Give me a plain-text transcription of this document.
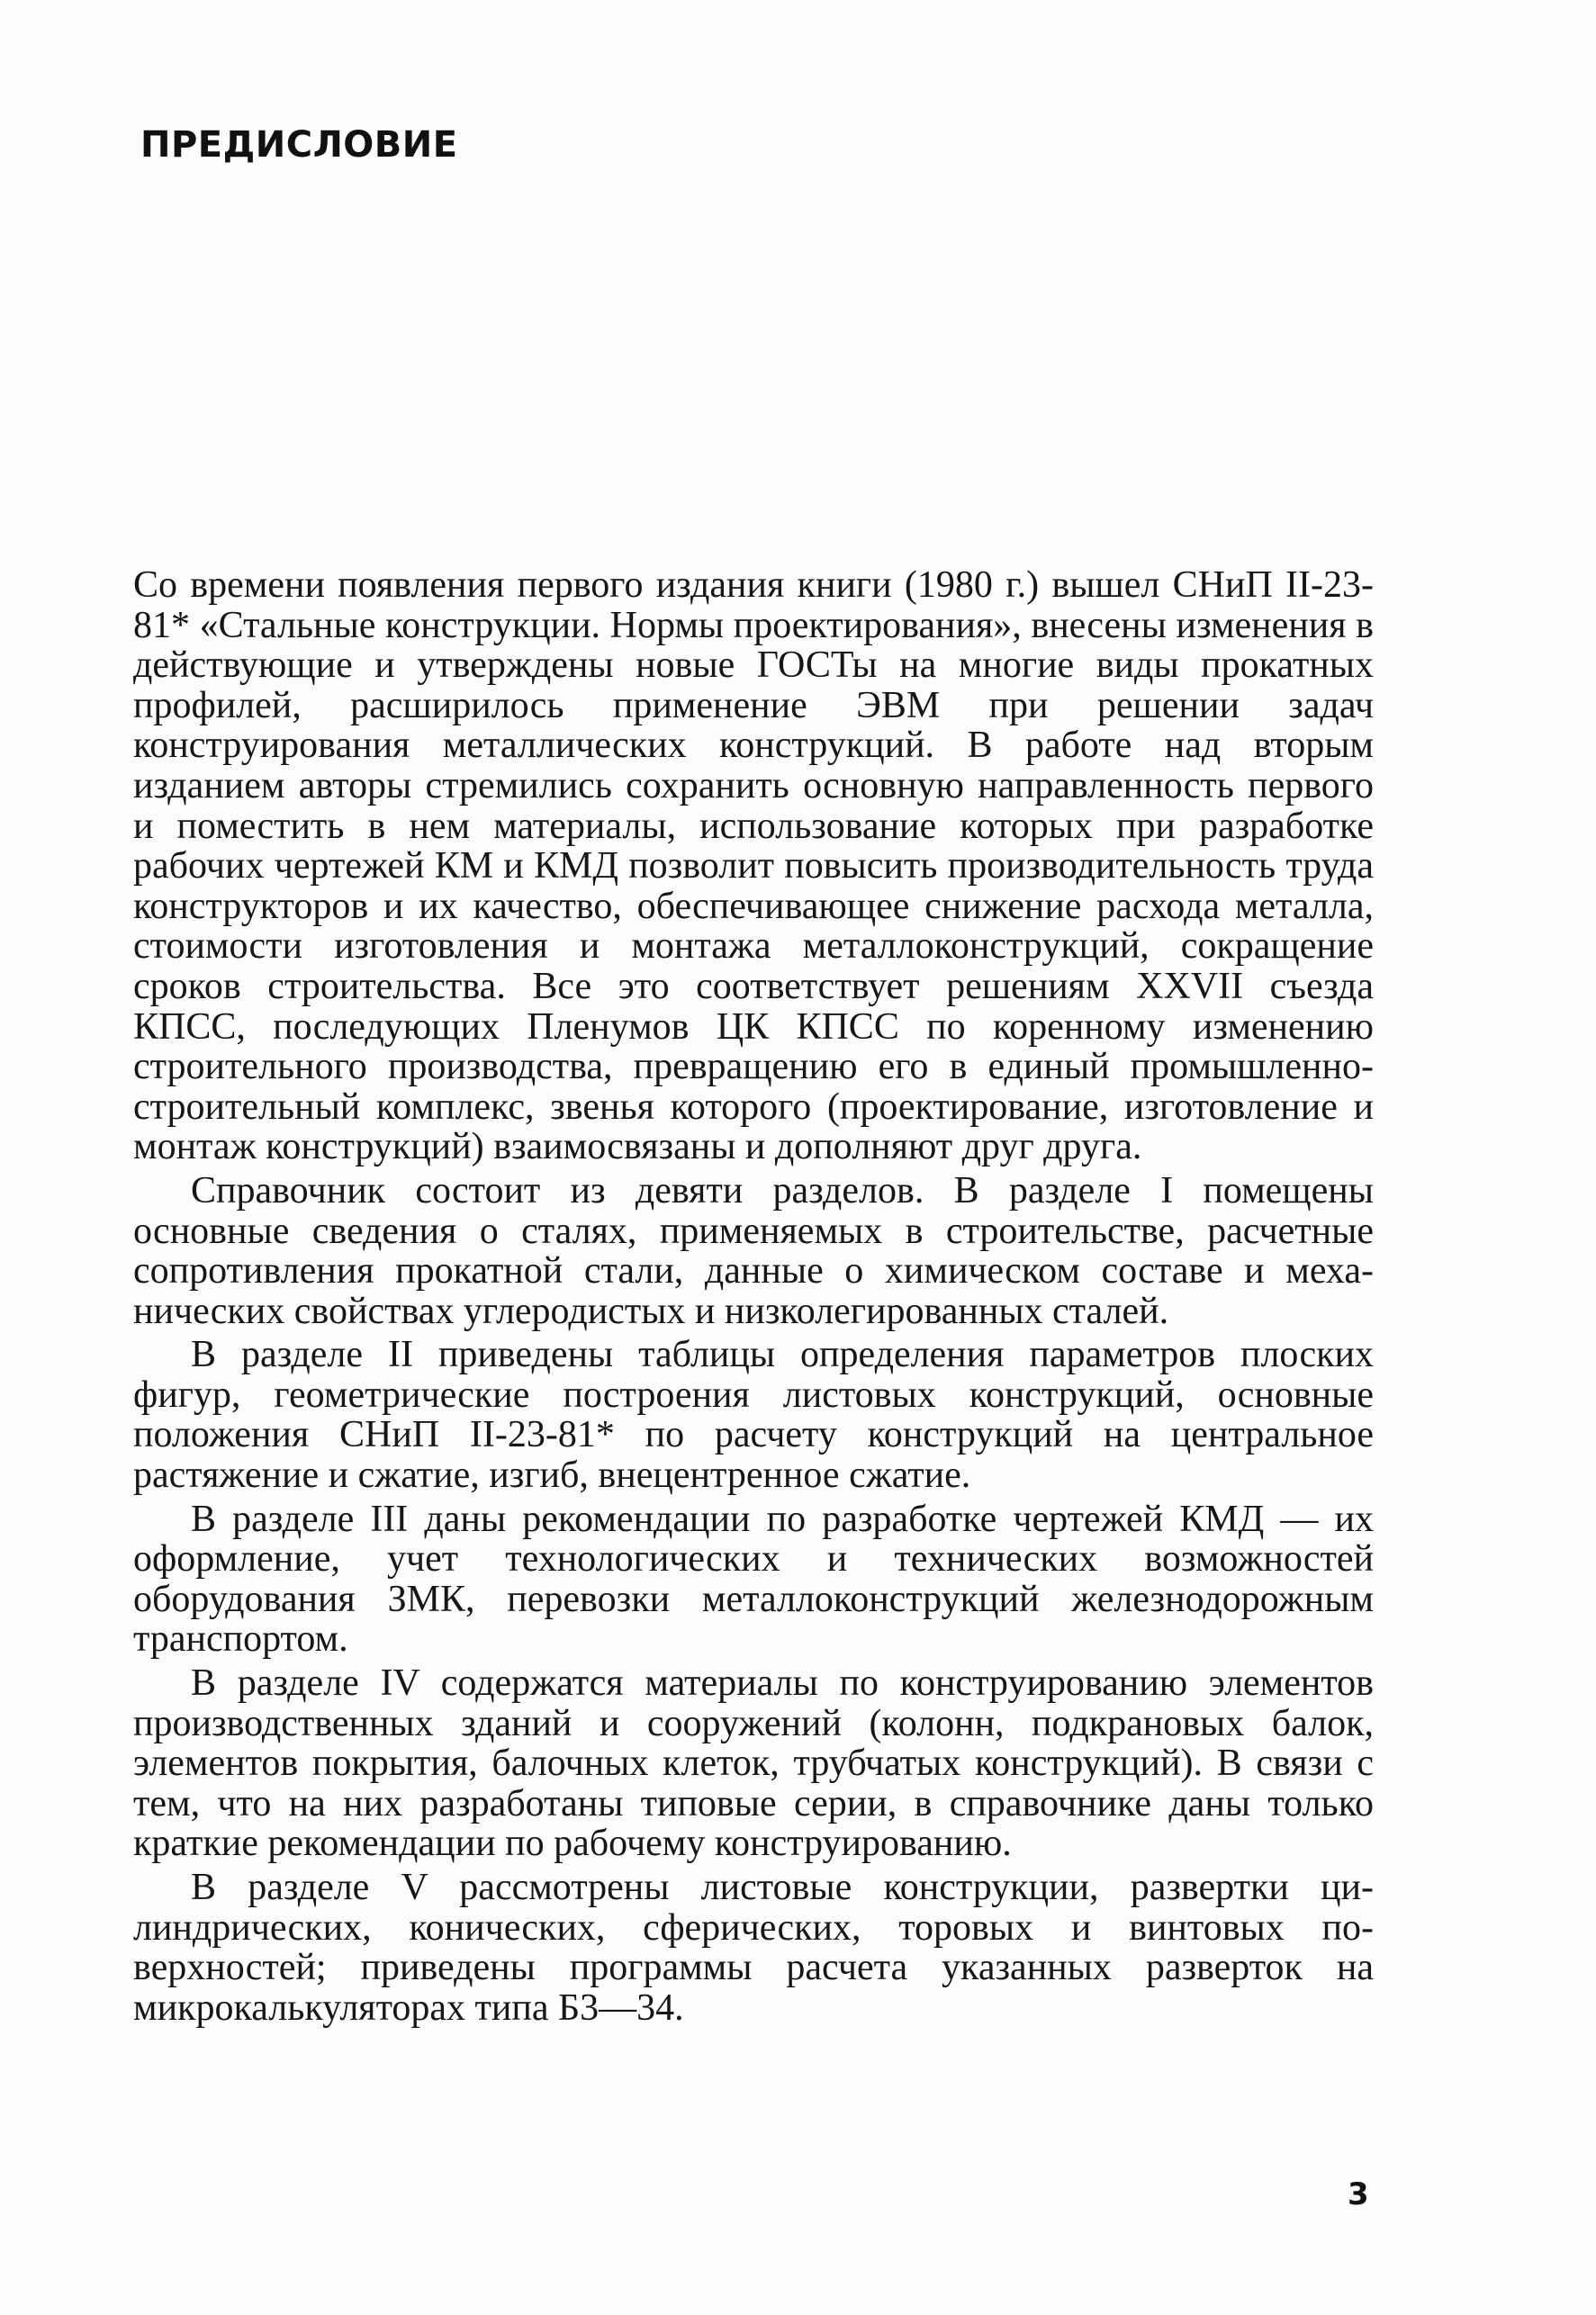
ПРЕДИСЛОВИЕ

Со времени появления первого издания книги (1980 г.) вышел СНиП II-23-81* «Стальные конструкции. Нормы проектирования», внесены изменения в действующие и утверждены новые ГОСТы на многие виды прокатных профилей, расширилось применение ЭВМ при решении задач конструирования металлических конструкций. В работе над вторым изданием авторы стремились сохранить основную направленность первого и поместить в нем материалы, использование которых при разработке рабочих чертежей КМ и КМД позволит повысить производительность труда конструкторов и их качество, обеспечивающее снижение расхода металла, стоимости изготовления и монтажа металлоконструкций, сокращение сроков строительства. Все это соответствует решениям XXVII съезда КПСС, последующих Пленумов ЦК КПСС по коренному изменению строительного производства, превращению его в единый промышленно-строительный комплекс, звенья которого (проектирование, изготовление и монтаж конструкций) взаимосвязаны и дополняют друг друга.

Справочник состоит из девяти разделов. В разделе I помещены основные сведения о сталях, применяемых в строительстве, расчетные сопротивления прокатной стали, данные о химическом составе и механических свойствах углеродистых и низколегированных сталей.

В разделе II приведены таблицы определения параметров плоских фигур, геометрические построения листовых конструкций, основные положения СНиП II-23-81* по расчету конструкций на центральное растяжение и сжатие, изгиб, внецентренное сжатие.

В разделе III даны рекомендации по разработке чертежей КМД — их оформление, учет технологических и технических возможностей оборудования ЗМК, перевозки металлоконструкций железнодорожным транспортом.

В разделе IV содержатся материалы по конструированию элементов производственных зданий и сооружений (колонн, подкрановых балок, элементов покрытия, балочных клеток, трубчатых конструкций). В связи с тем, что на них разработаны типовые серии, в справочнике даны только краткие рекомендации по рабочему конструированию.

В разделе V рассмотрены листовые конструкции, развертки цилиндрических, конических, сферических, торовых и винтовых поверхностей; приведены программы расчета указанных разверток на микрокалькуляторах типа Б3—34.

3
